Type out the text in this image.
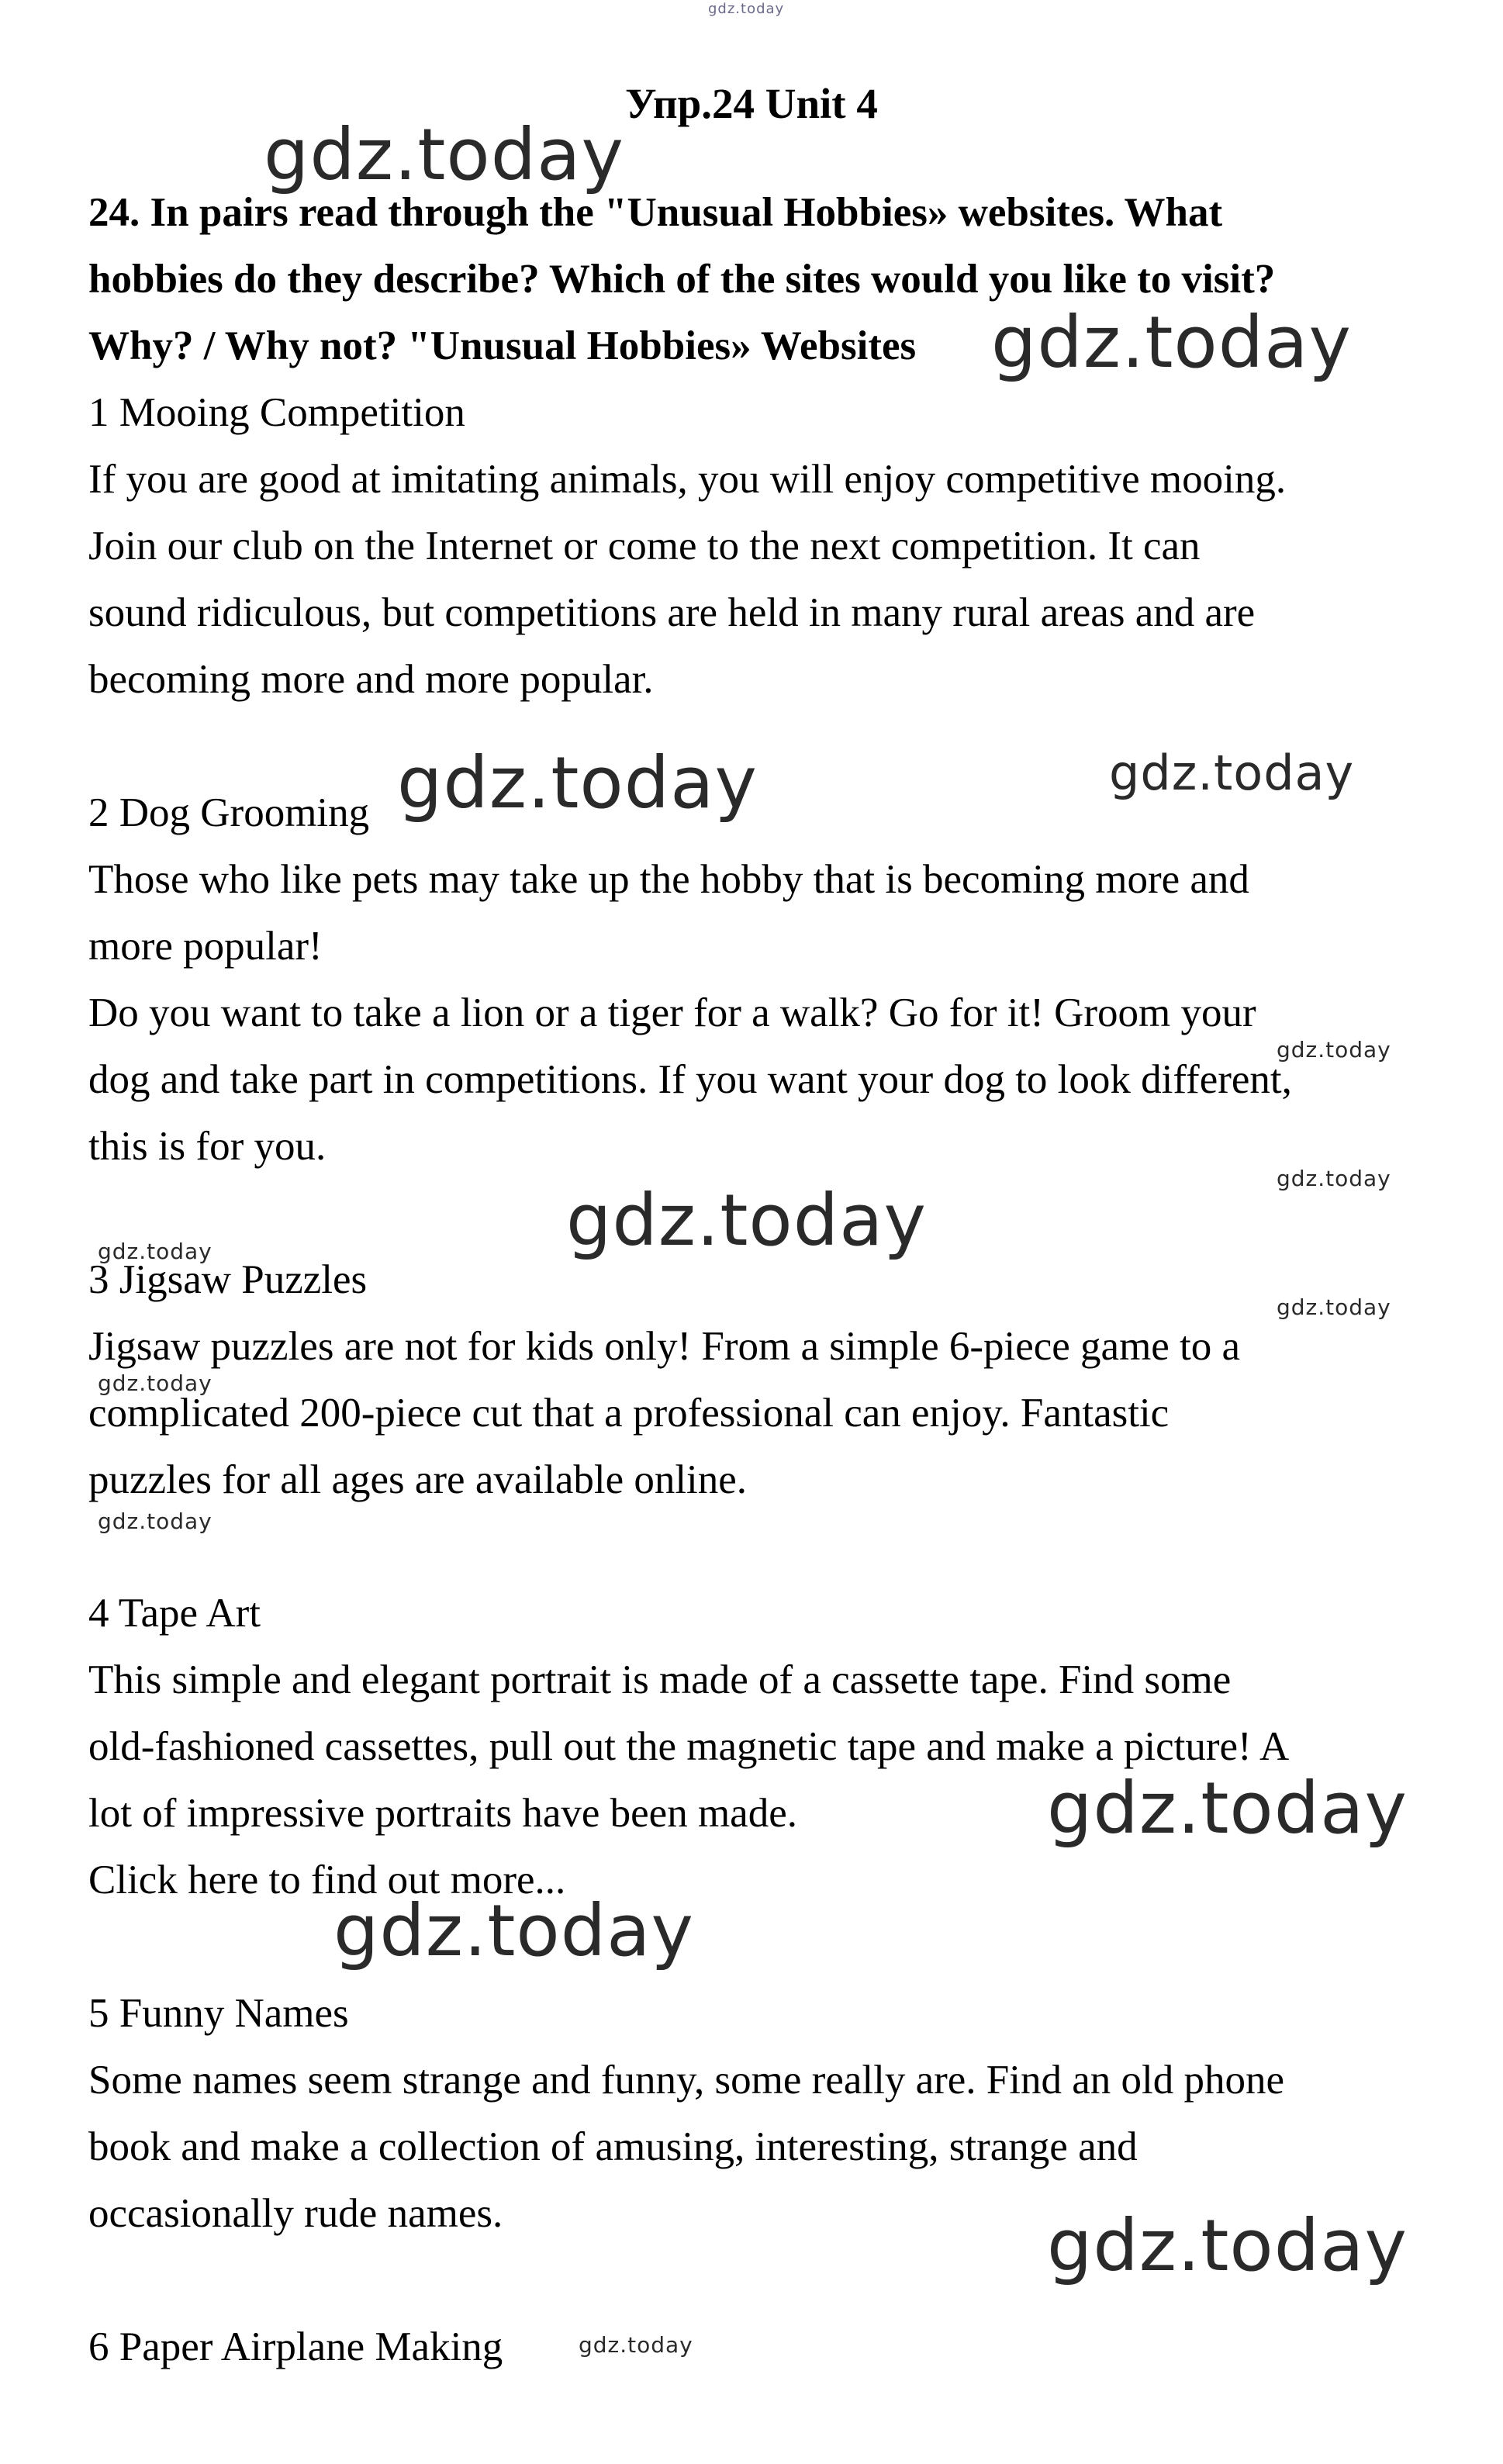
gdz.today
Упр.24 Unit 4
24. In pairs read through the "Unusual Hobbies» websites. What
hobbies do they describe? Which of the sites would you like to visit?
Why? / Why not? "Unusual Hobbies» Websites
1 Mooing Competition
If you are good at imitating animals, you will enjoy competitive mooing.
Join our club on the Internet or come to the next competition. It can
sound ridiculous, but competitions are held in many rural areas and are
becoming more and more popular.
2 Dog Grooming
Those who like pets may take up the hobby that is becoming more and
more popular!
Do you want to take a lion or a tiger for a walk? Go for it! Groom your
dog and take part in competitions. If you want your dog to look different,
this is for you.
3 Jigsaw Puzzles
Jigsaw puzzles are not for kids only! From a simple 6-piece game to a
complicated 200-piece cut that a professional can enjoy. Fantastic
puzzles for all ages are available online.
4 Tape Art
This simple and elegant portrait is made of a cassette tape. Find some
old-fashioned cassettes, pull out the magnetic tape and make a picture! A
lot of impressive portraits have been made.
Click here to find out more...
5 Funny Names
Some names seem strange and funny, some really are. Find an old phone
book and make a collection of amusing, interesting, strange and
occasionally rude names.
6 Paper Airplane Making
gdz.today
gdz.today
gdz.today	gdz.today
gdz.today
gdz.today
gdz.today
gdz.today
gdz.today
gdz.today
gdz.today
gdz.today
gdz.today
gdz.today
gdz.today
